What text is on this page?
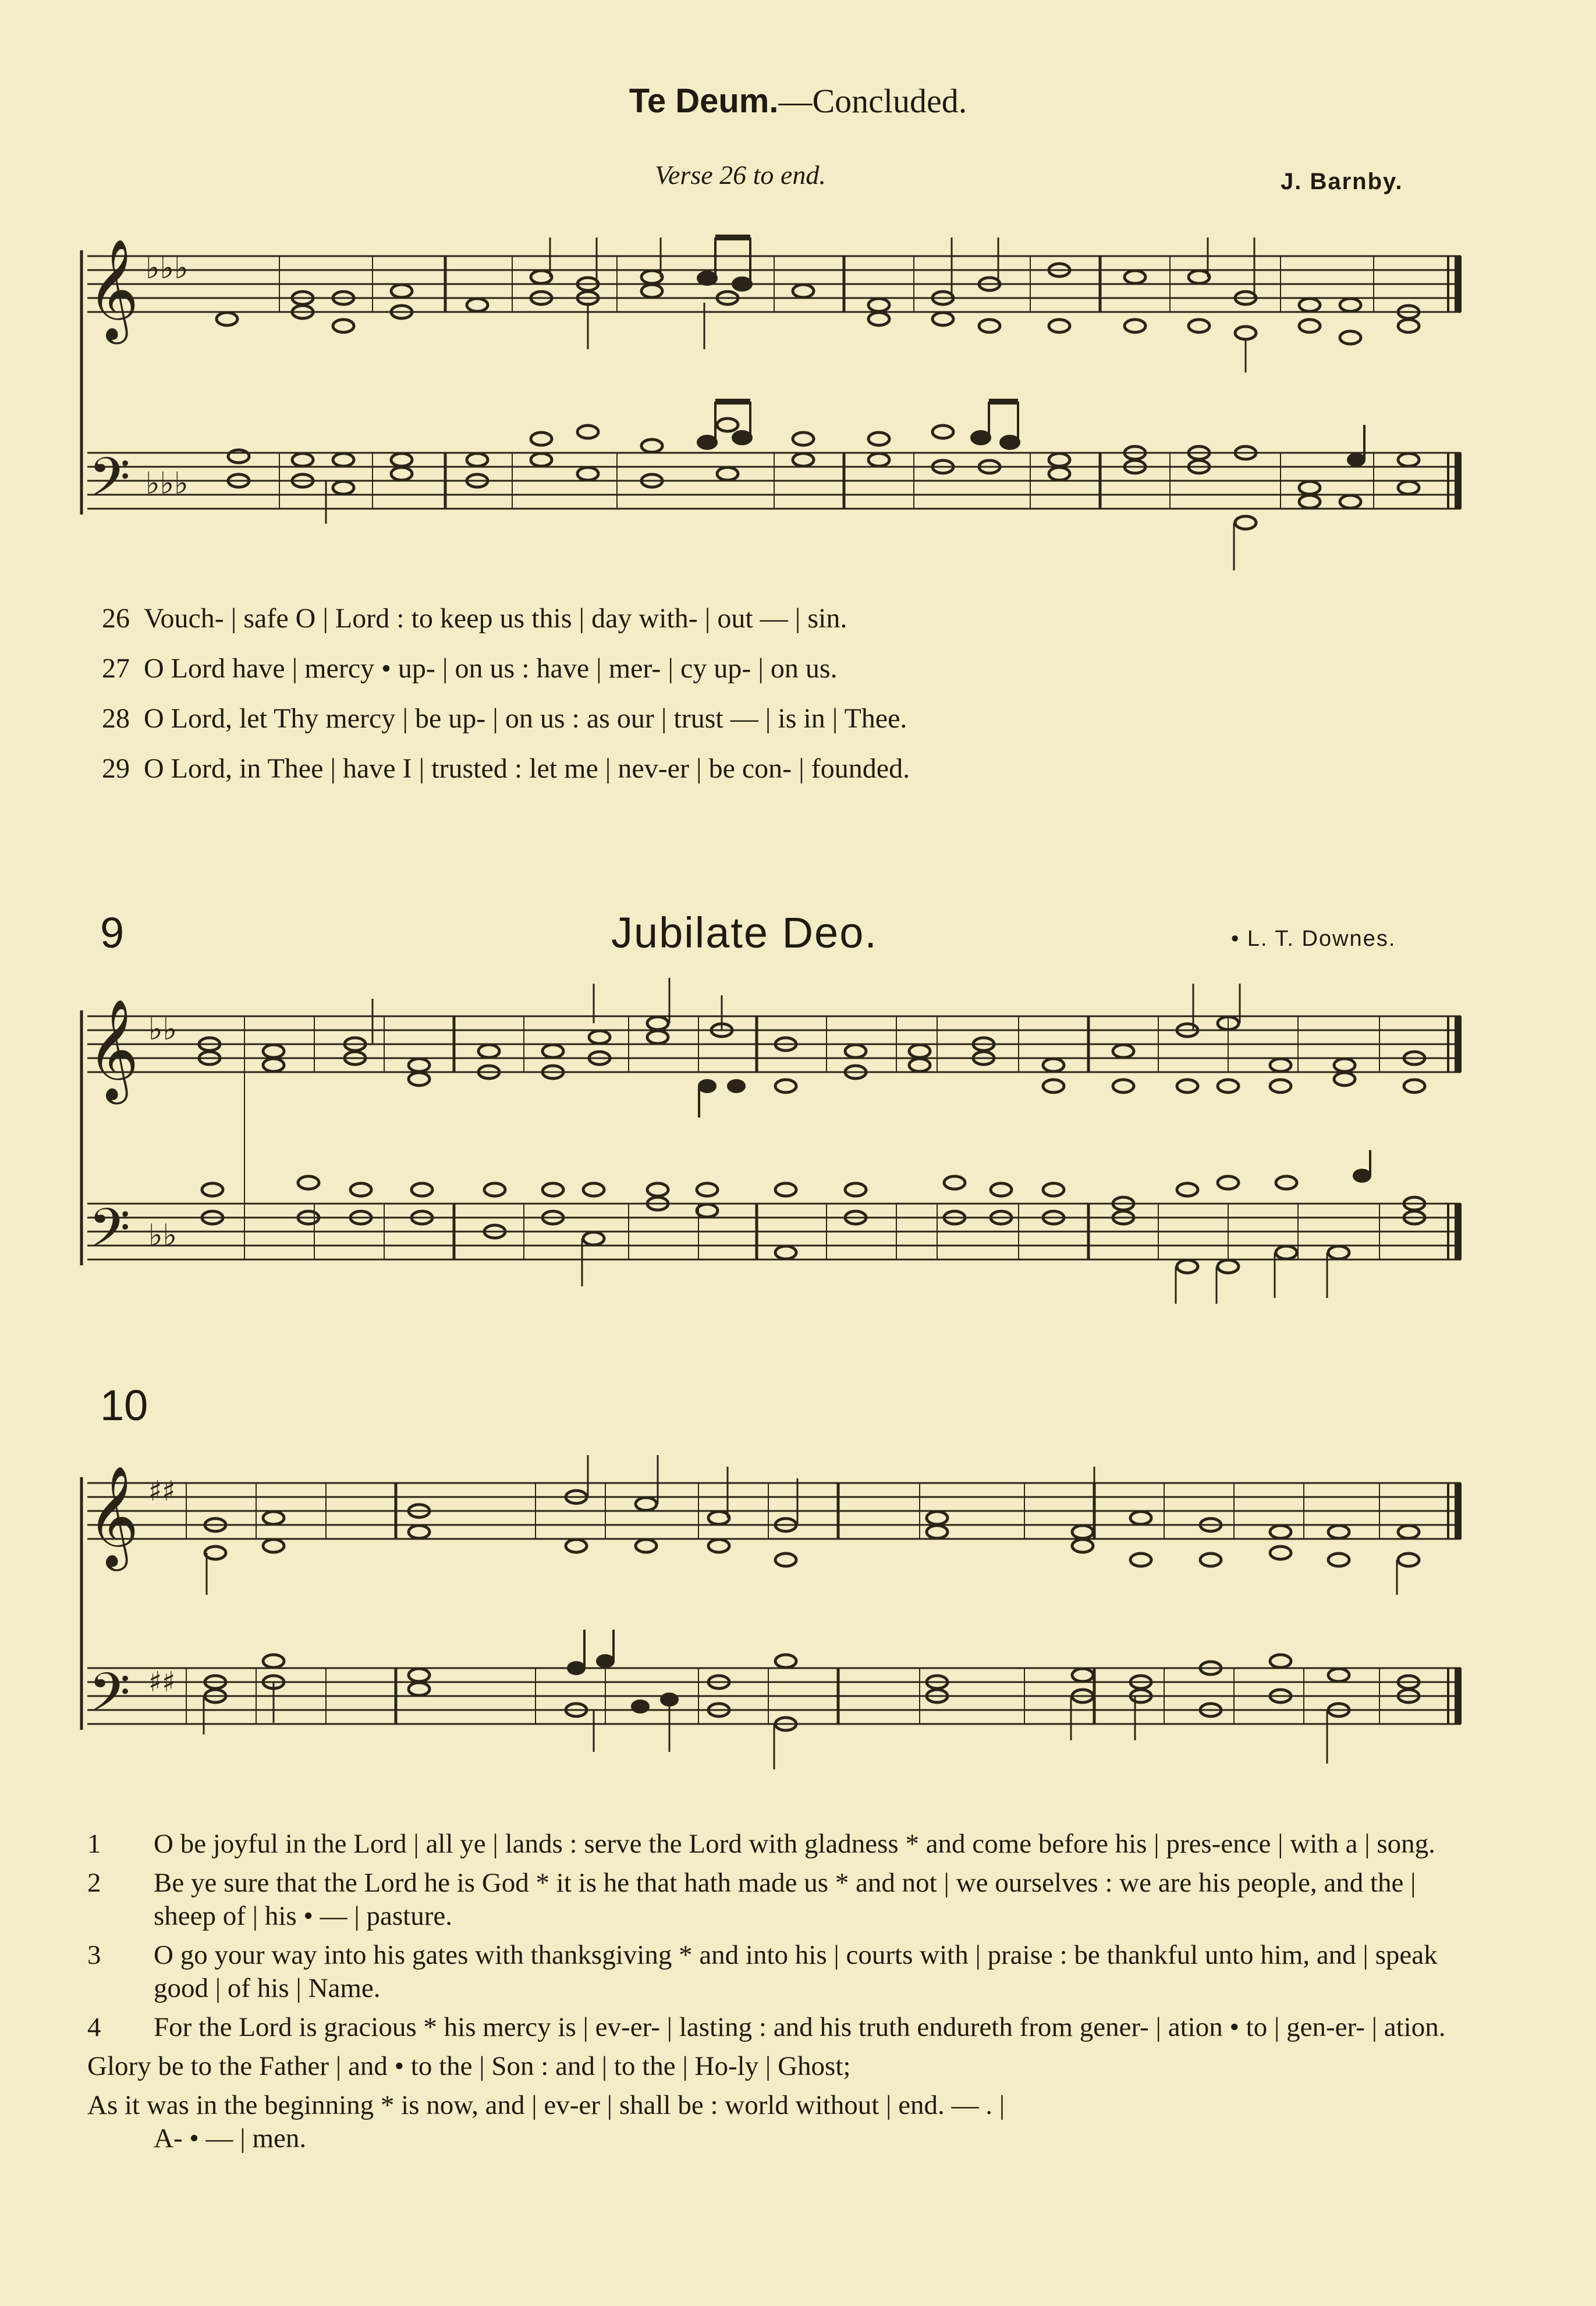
Te Deum.—Concluded.
Verse 26 to end.	J. Barnby.
𝄞
𝄢
♭♭♭
♭♭♭
26 Vouch- | safe O | Lord : to keep us this | day with- | out — | sin.
27 O Lord have | mercy • up- | on us : have | mer- | cy up- | on us.
28 O Lord, let Thy mercy | be up- | on us : as our | trust — | is in | Thee.
29 O Lord, in Thee | have I | trusted : let me | nev-er | be con- | founded.
9	Jubilate Deo.	• L. T. Downes.
𝄞
𝄢
♭♭
♭♭
10
𝄞
𝄢
♯♯
♯♯
1 O be joyful in the Lord | all ye | lands : serve the Lord with gladness * and come before his | pres-ence | with a | song.
2 Be ye sure that the Lord he is God * it is he that hath made us * and not | we ourselves : we are his people, and the | sheep of | his • — | pasture.
3 O go your way into his gates with thanksgiving * and into his | courts with | praise : be thankful unto him, and | speak good | of his | Name.
4 For the Lord is gracious * his mercy is | ev-er- | lasting : and his truth endureth from gener- | ation • to | gen-er- | ation.
Glory be to the Father | and • to the | Son : and | to the | Ho-ly | Ghost;
As it was in the beginning * is now, and | ev-er | shall be : world without | end. — . |
A- • — | men.
